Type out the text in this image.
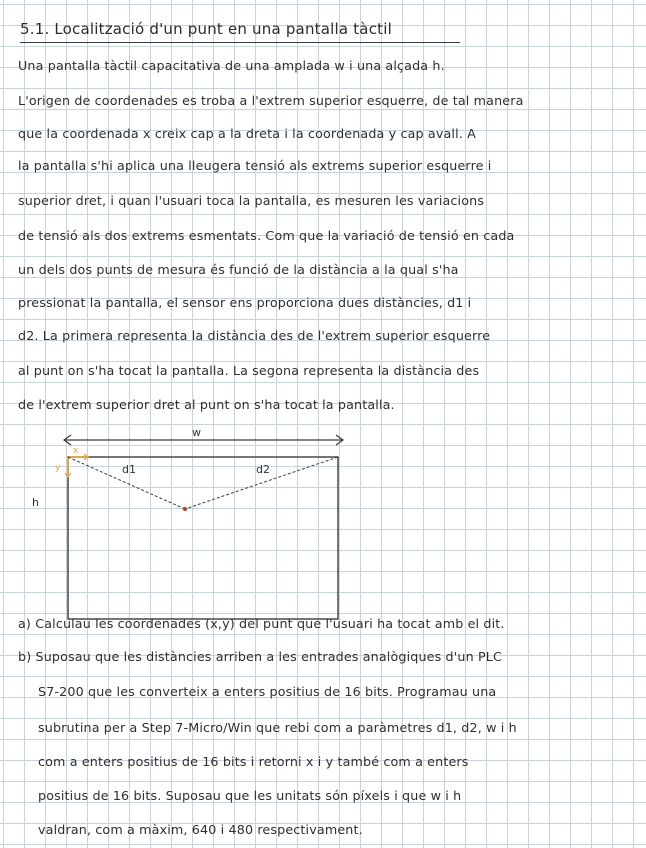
5.1. Localització d'un punt en una pantalla tàctil
Una pantalla tàctil capacitativa de una amplada w i una alçada h.
L'origen de coordenades es troba a l'extrem superior esquerre, de tal manera
que la coordenada x creix cap a la dreta i la coordenada y cap avall. A
la pantalla s'hi aplica una lleugera tensió als extrems superior esquerre i
superior dret, i quan l'usuari toca la pantalla, es mesuren les variacions
de tensió als dos extrems esmentats. Com que la variació de tensió en cada
un dels dos punts de mesura és funció de la distància a la qual s'ha
pressionat la pantalla, el sensor ens proporciona dues distàncies, d1 i
d2. La primera representa la distància des de l'extrem superior esquerre
al punt on s'ha tocat la pantalla. La segona representa la distància des
de l'extrem superior dret al punt on s'ha tocat la pantalla.
w
h
x
y	d1	d2
a) Calculau les coordenades (x,y) del punt que l'usuari ha tocat amb el dit.
b) Suposau que les distàncies arriben a les entrades analògiques d'un PLC
S7-200 que les converteix a enters positius de 16 bits. Programau una
subrutina per a Step 7-Micro/Win que rebi com a paràmetres d1, d2, w i h
com a enters positius de 16 bits i retorni x i y també com a enters
positius de 16 bits. Suposau que les unitats són píxels i que w i h
valdran, com a màxim, 640 i 480 respectivament.
